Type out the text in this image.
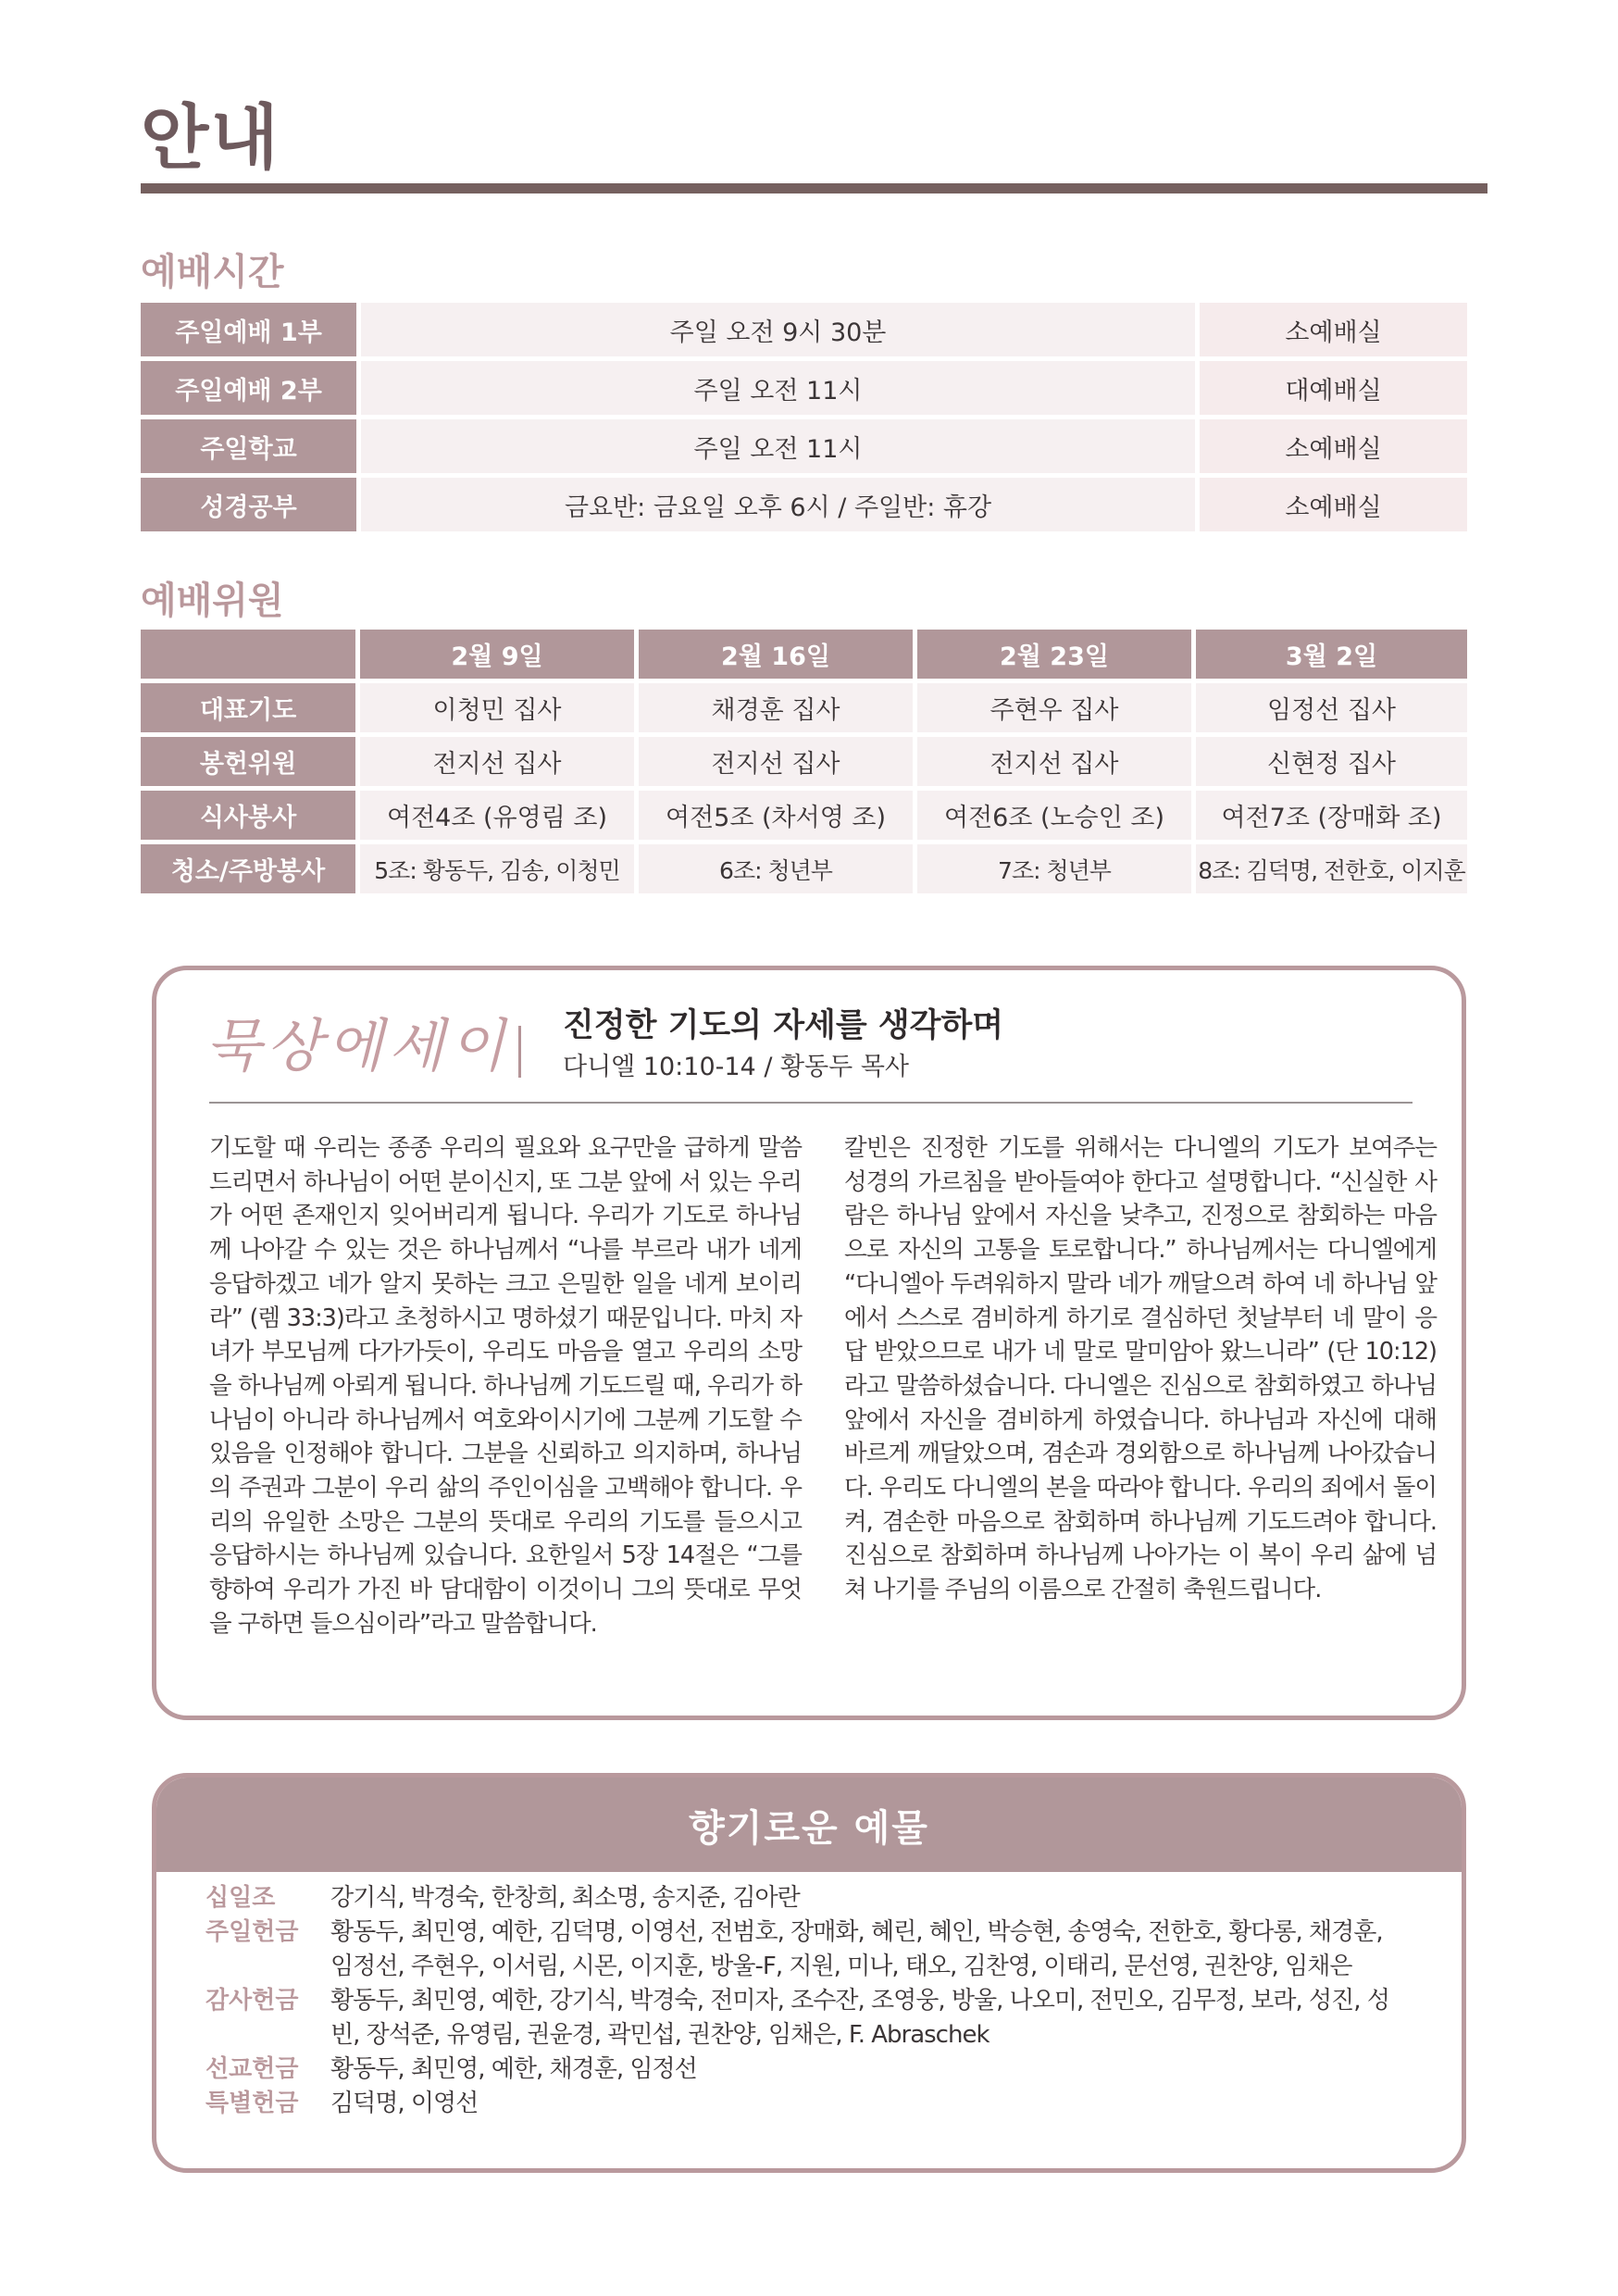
안내
예배시간
주일예배 1부	주일 오전 9시 30분	소예배실
주일예배 2부	주일 오전 11시	대예배실
주일학교	주일 오전 11시	소예배실
성경공부	금요반: 금요일 오후 6시 / 주일반: 휴강	소예배실
예배위원
	2월 9일	2월 16일	2월 23일	3월 2일
대표기도	이청민 집사	채경훈 집사	주현우 집사	임정선 집사
봉헌위원	전지선 집사	전지선 집사	전지선 집사	신현정 집사
식사봉사	여전4조 (유영림 조)	여전5조 (차서영 조)	여전6조 (노승인 조)	여전7조 (장매화 조)
청소/주방봉사	5조: 황동두, 김송, 이청민	6조: 청년부	7조: 청년부	8조: 김덕명, 전한호, 이지훈

묵상에세이 진정한 기도의 자세를 생각하며

다니엘 10:10-14 / 황동두 목사

기도할 때 우리는 종종 우리의 필요와 요구만을 급하게 말씀드리면서 하나님이 어떤 분이신지, 또 그분 앞에 서 있는 우리가 어떤 존재인지 잊어버리게 됩니다. 우리가 기도로 하나님께 나아갈 수 있는 것은 하나님께서 “나를 부르라 내가 네게 응답하겠고 네가 알지 못하는 크고 은밀한 일을 네게 보이리라” (렘 33:3)라고 초청하시고 명하셨기 때문입니다. 마치 자녀가 부모님께 다가가듯이, 우리도 마음을 열고 우리의 소망을 하나님께 아뢰게 됩니다. 하나님께 기도드릴 때, 우리가 하나님이 아니라 하나님께서 여호와이시기에 그분께 기도할 수 있음을 인정해야 합니다. 그분을 신뢰하고 의지하며, 하나님의 주권과 그분이 우리 삶의 주인이심을 고백해야 합니다. 우리의 유일한 소망은 그분의 뜻대로 우리의 기도를 들으시고 응답하시는 하나님께 있습니다. 요한일서 5장 14절은 “그를 향하여 우리가 가진 바 담대함이 이것이니 그의 뜻대로 무엇을 구하면 들으심이라”라고 말씀합니다.

칼빈은 진정한 기도를 위해서는 다니엘의 기도가 보여주는 성경의 가르침을 받아들여야 한다고 설명합니다. “신실한 사람은 하나님 앞에서 자신을 낮추고, 진정으로 참회하는 마음으로 자신의 고통을 토로합니다.” 하나님께서는 다니엘에게 “다니엘아 두려워하지 말라 네가 깨달으려 하여 네 하나님 앞에서 스스로 겸비하게 하기로 결심하던 첫날부터 네 말이 응답 받았으므로 내가 네 말로 말미암아 왔느니라” (단 10:12)라고 말씀하셨습니다. 다니엘은 진심으로 참회하였고 하나님 앞에서 자신을 겸비하게 하였습니다. 하나님과 자신에 대해 바르게 깨달았으며, 겸손과 경외함으로 하나님께 나아갔습니다. 우리도 다니엘의 본을 따라야 합니다. 우리의 죄에서 돌이켜, 겸손한 마음으로 참회하며 하나님께 기도드려야 합니다. 진심으로 참회하며 하나님께 나아가는 이 복이 우리 삶에 넘쳐 나기를 주님의 이름으로 간절히 축원드립니다.

향기로운 예물
십일조	강기식, 박경숙, 한창희, 최소명, 송지준, 김아란
주일헌금	황동두, 최민영, 예한, 김덕명, 이영선, 전범호, 장매화, 혜린, 혜인, 박승현, 송영숙, 전한호, 황다롱, 채경훈, 임정선, 주현우, 이서림, 시몬, 이지훈, 방울-F, 지원, 미나, 태오, 김찬영, 이태리, 문선영, 권찬양, 임채은
감사헌금	황동두, 최민영, 예한, 강기식, 박경숙, 전미자, 조수잔, 조영웅, 방울, 나오미, 전민오, 김무정, 보라, 성진, 성빈, 장석준, 유영림, 권윤경, 곽민섭, 권찬양, 임채은, F. Abraschek
선교헌금	황동두, 최민영, 예한, 채경훈, 임정선
특별헌금	김덕명, 이영선
